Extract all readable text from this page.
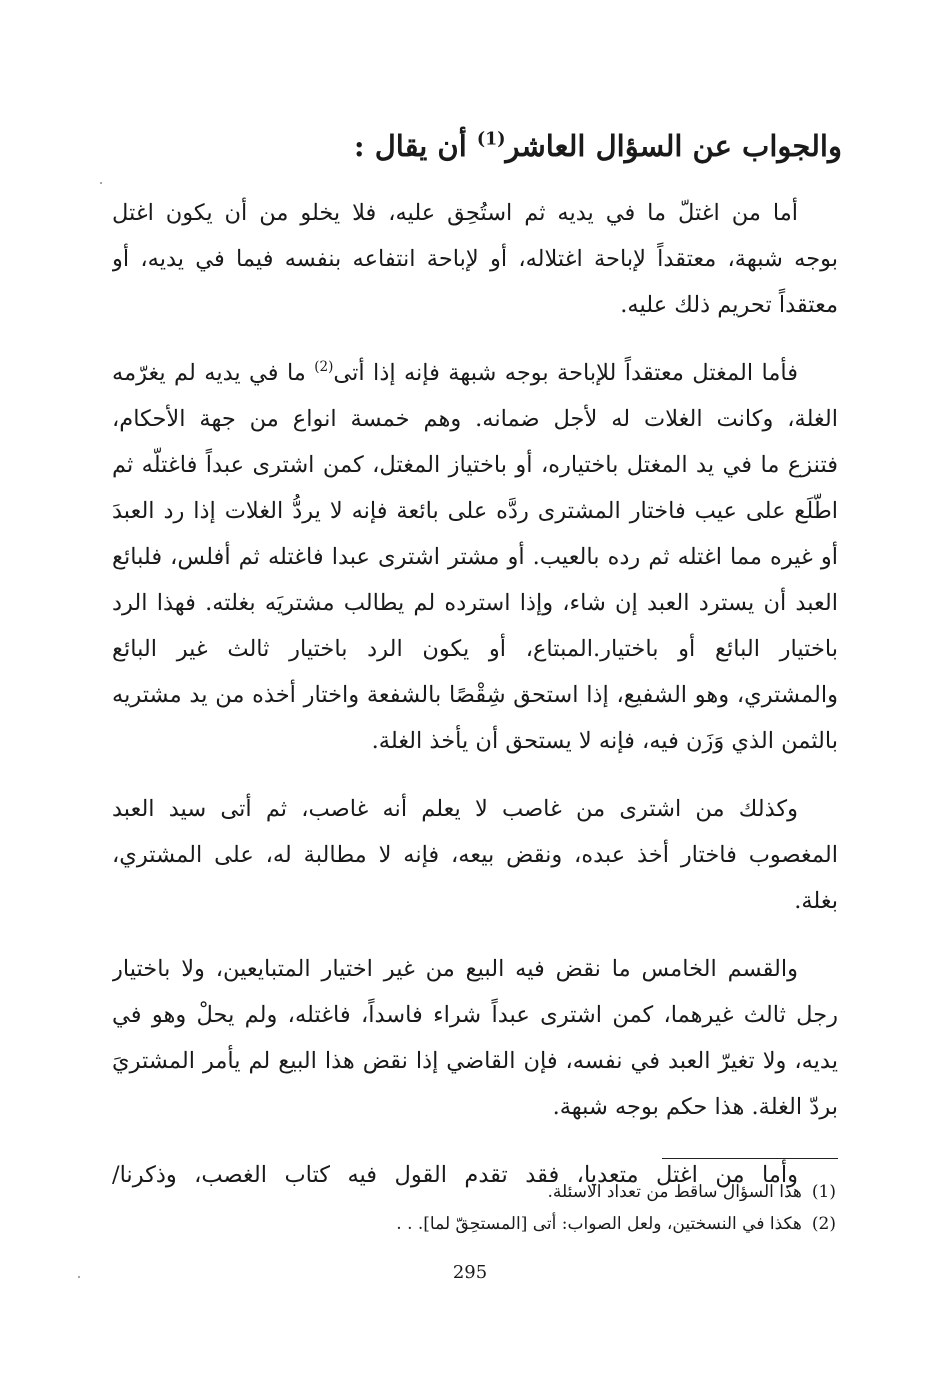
والجواب عن السؤال العاشر$^{(1)}$ أن يقال :

أما من اغتلّ ما في يديه ثم استُحِق عليه، فلا يخلو من أن يكون اغتل
بوجه شبهة، معتقداً لإباحة اغتلاله، أو لإباحة انتفاعه بنفسه فيما في يديه، أو
معتقداً تحريم ذلك عليه.

فأما المغتل معتقداً للإباحة بوجه شبهة فإنه إذا أتى$^{(2)}$ ما في يديه لم يغرّمه
الغلة، وكانت الغلات له لأجل ضمانه. وهم خمسة انواع من جهة الأحكام،
فتنزع ما في يد المغتل باختياره، أو باختياز المغتل، كمن اشترى عبداً فاغتلّه ثم
اطّلَع على عيب فاختار المشترى ردَّه على بائعة فإنه لا يردُّ الغلات إذا رد العبدَ
أو غيره مما اغتله ثم رده بالعيب. أو مشتر اشترى عبدا فاغتله ثم أفلس، فلبائع
العبد أن يسترد العبد إن شاء، وإذا استرده لم يطالب مشتريَه بغلته. فهذا الرد
باختيار البائع أو باختيار.المبتاع، أو يكون الرد باختيار ثالث غير البائع
والمشتري، وهو الشفيع، إذا استحق شِقْصًا بالشفعة واختار أخذه من يد مشتريه
بالثمن الذي وَزَن فيه، فإنه لا يستحق أن يأخذ الغلة.

وكذلك من اشترى من غاصب لا يعلم أنه غاصب، ثم أتى سيد العبد
المغصوب فاختار أخذ عبده، ونقض بيعه، فإنه لا مطالبة له، على المشتري،
بغلة.

والقسم الخامس ما نقض فيه البيع من غير اختيار المتبايعين، ولا باختيار
رجل ثالث غيرهما، كمن اشترى عبداً شراء فاسداً، فاغتله، ولم يحلْ وهو في
يديه، ولا تغيرّ العبد في نفسه، فإن القاضي إذا نقض هذا البيع لم يأمر المشتريَ
بردّ الغلة. هذا حكم بوجه شبهة.

وأما من اغتل متعديا، فقد تقدم القول فيه كتاب الغصب، وذكرنا/

(1)هذا السؤال ساقط من تعداد الاسئلة.
(2)هكذا في النسختين، ولعل الصواب: أتى [المستحِقّ لما]. . .
295
